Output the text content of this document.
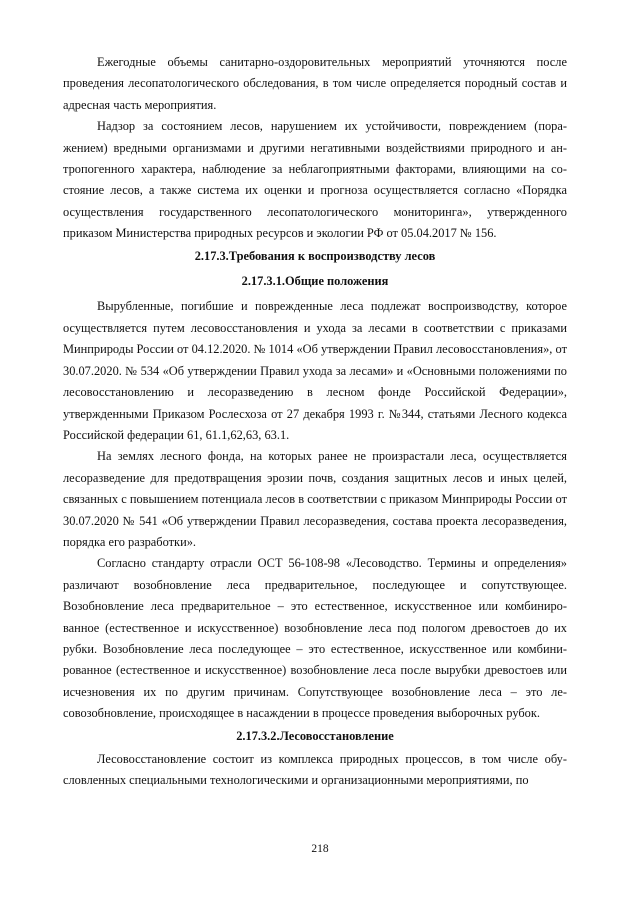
Ежегодные объемы санитарно-оздоровительных мероприятий уточняются после проведения лесопатологического обследования, в том числе определяется породный состав и адресная часть мероприятия.

Надзор за состоянием лесов, нарушением их устойчивости, повреждением (поражением) вредными организмами и другими негативными воздействиями природного и антропогенного характера, наблюдение за неблагоприятными факторами, влияющими на состояние лесов, а также система их оценки и прогноза осуществляется согласно «Порядка осуществления государственного лесопатологического мониторинга», утвержденного приказом Министерства природных ресурсов и экологии РФ от 05.04.2017 № 156.

2.17.3.Требования к воспроизводству лесов
2.17.3.1.Общие положения

Вырубленные, погибшие и поврежденные леса подлежат воспроизводству, которое осуществляется путем лесовосстановления и ухода за лесами в соответствии с приказами Минприроды России от 04.12.2020. № 1014 «Об утверждении Правил лесовосстановления», от 30.07.2020. № 534 «Об утверждении Правил ухода за лесами» и «Основными положениями по лесовосстановлению и лесоразведению в лесном фонде Российской Федерации», утвержденными Приказом Рослесхоза от 27 декабря 1993 г. №344, статьями Лесного кодекса Российской федерации 61, 61.1,62,63, 63.1.

На землях лесного фонда, на которых ранее не произрастали леса, осуществляется лесоразведение для предотвращения эрозии почв, создания защитных лесов и иных целей, связанных с повышением потенциала лесов в соответствии с приказом Минприроды России от 30.07.2020 № 541 «Об утверждении Правил лесоразведения, состава проекта лесоразведения, порядка его разработки».

Согласно стандарту отрасли ОСТ 56-108-98 «Лесоводство. Термины и определения» различают возобновление леса предварительное, последующее и сопутствующее. Возобновление леса предварительное – это естественное, искусственное или комбинированное (естественное и искусственное) возобновление леса под пологом древостоев до их рубки. Возобновление леса последующее – это естественное, искусственное или комбинированное (естественное и искусственное) возобновление леса после вырубки древостоев или исчезновения их по другим причинам. Сопутствующее возобновление леса – это лесовозобновление, происходящее в насаждении в процессе проведения выборочных рубок.

2.17.3.2.Лесовосстановление

Лесовосстановление состоит из комплекса природных процессов, в том числе обусловленных специальными технологическими и организационными мероприятиями, по

218
